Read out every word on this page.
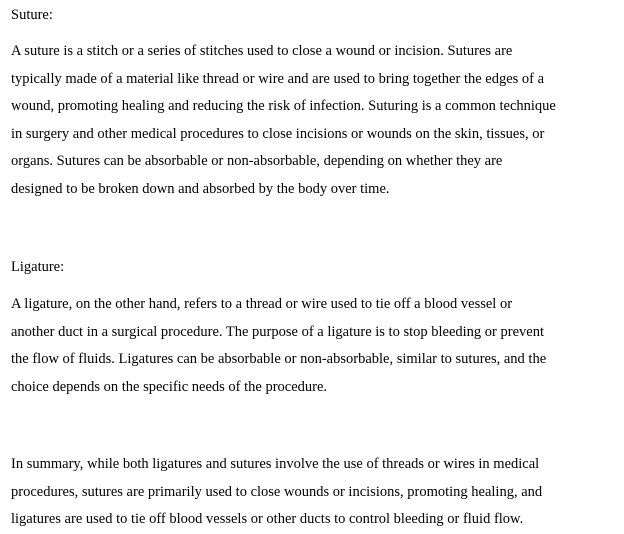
Suture:

A suture is a stitch or a series of stitches used to close a wound or incision. Sutures are
typically made of a material like thread or wire and are used to bring together the edges of a
wound, promoting healing and reducing the risk of infection. Suturing is a common technique
in surgery and other medical procedures to close incisions or wounds on the skin, tissues, or
organs. Sutures can be absorbable or non-absorbable, depending on whether they are
designed to be broken down and absorbed by the body over time.

Ligature:

A ligature, on the other hand, refers to a thread or wire used to tie off a blood vessel or
another duct in a surgical procedure. The purpose of a ligature is to stop bleeding or prevent
the flow of fluids. Ligatures can be absorbable or non-absorbable, similar to sutures, and the
choice depends on the specific needs of the procedure.
In summary, while both ligatures and sutures involve the use of threads or wires in medical
procedures, sutures are primarily used to close wounds or incisions, promoting healing, and
ligatures are used to tie off blood vessels or other ducts to control bleeding or fluid flow.
